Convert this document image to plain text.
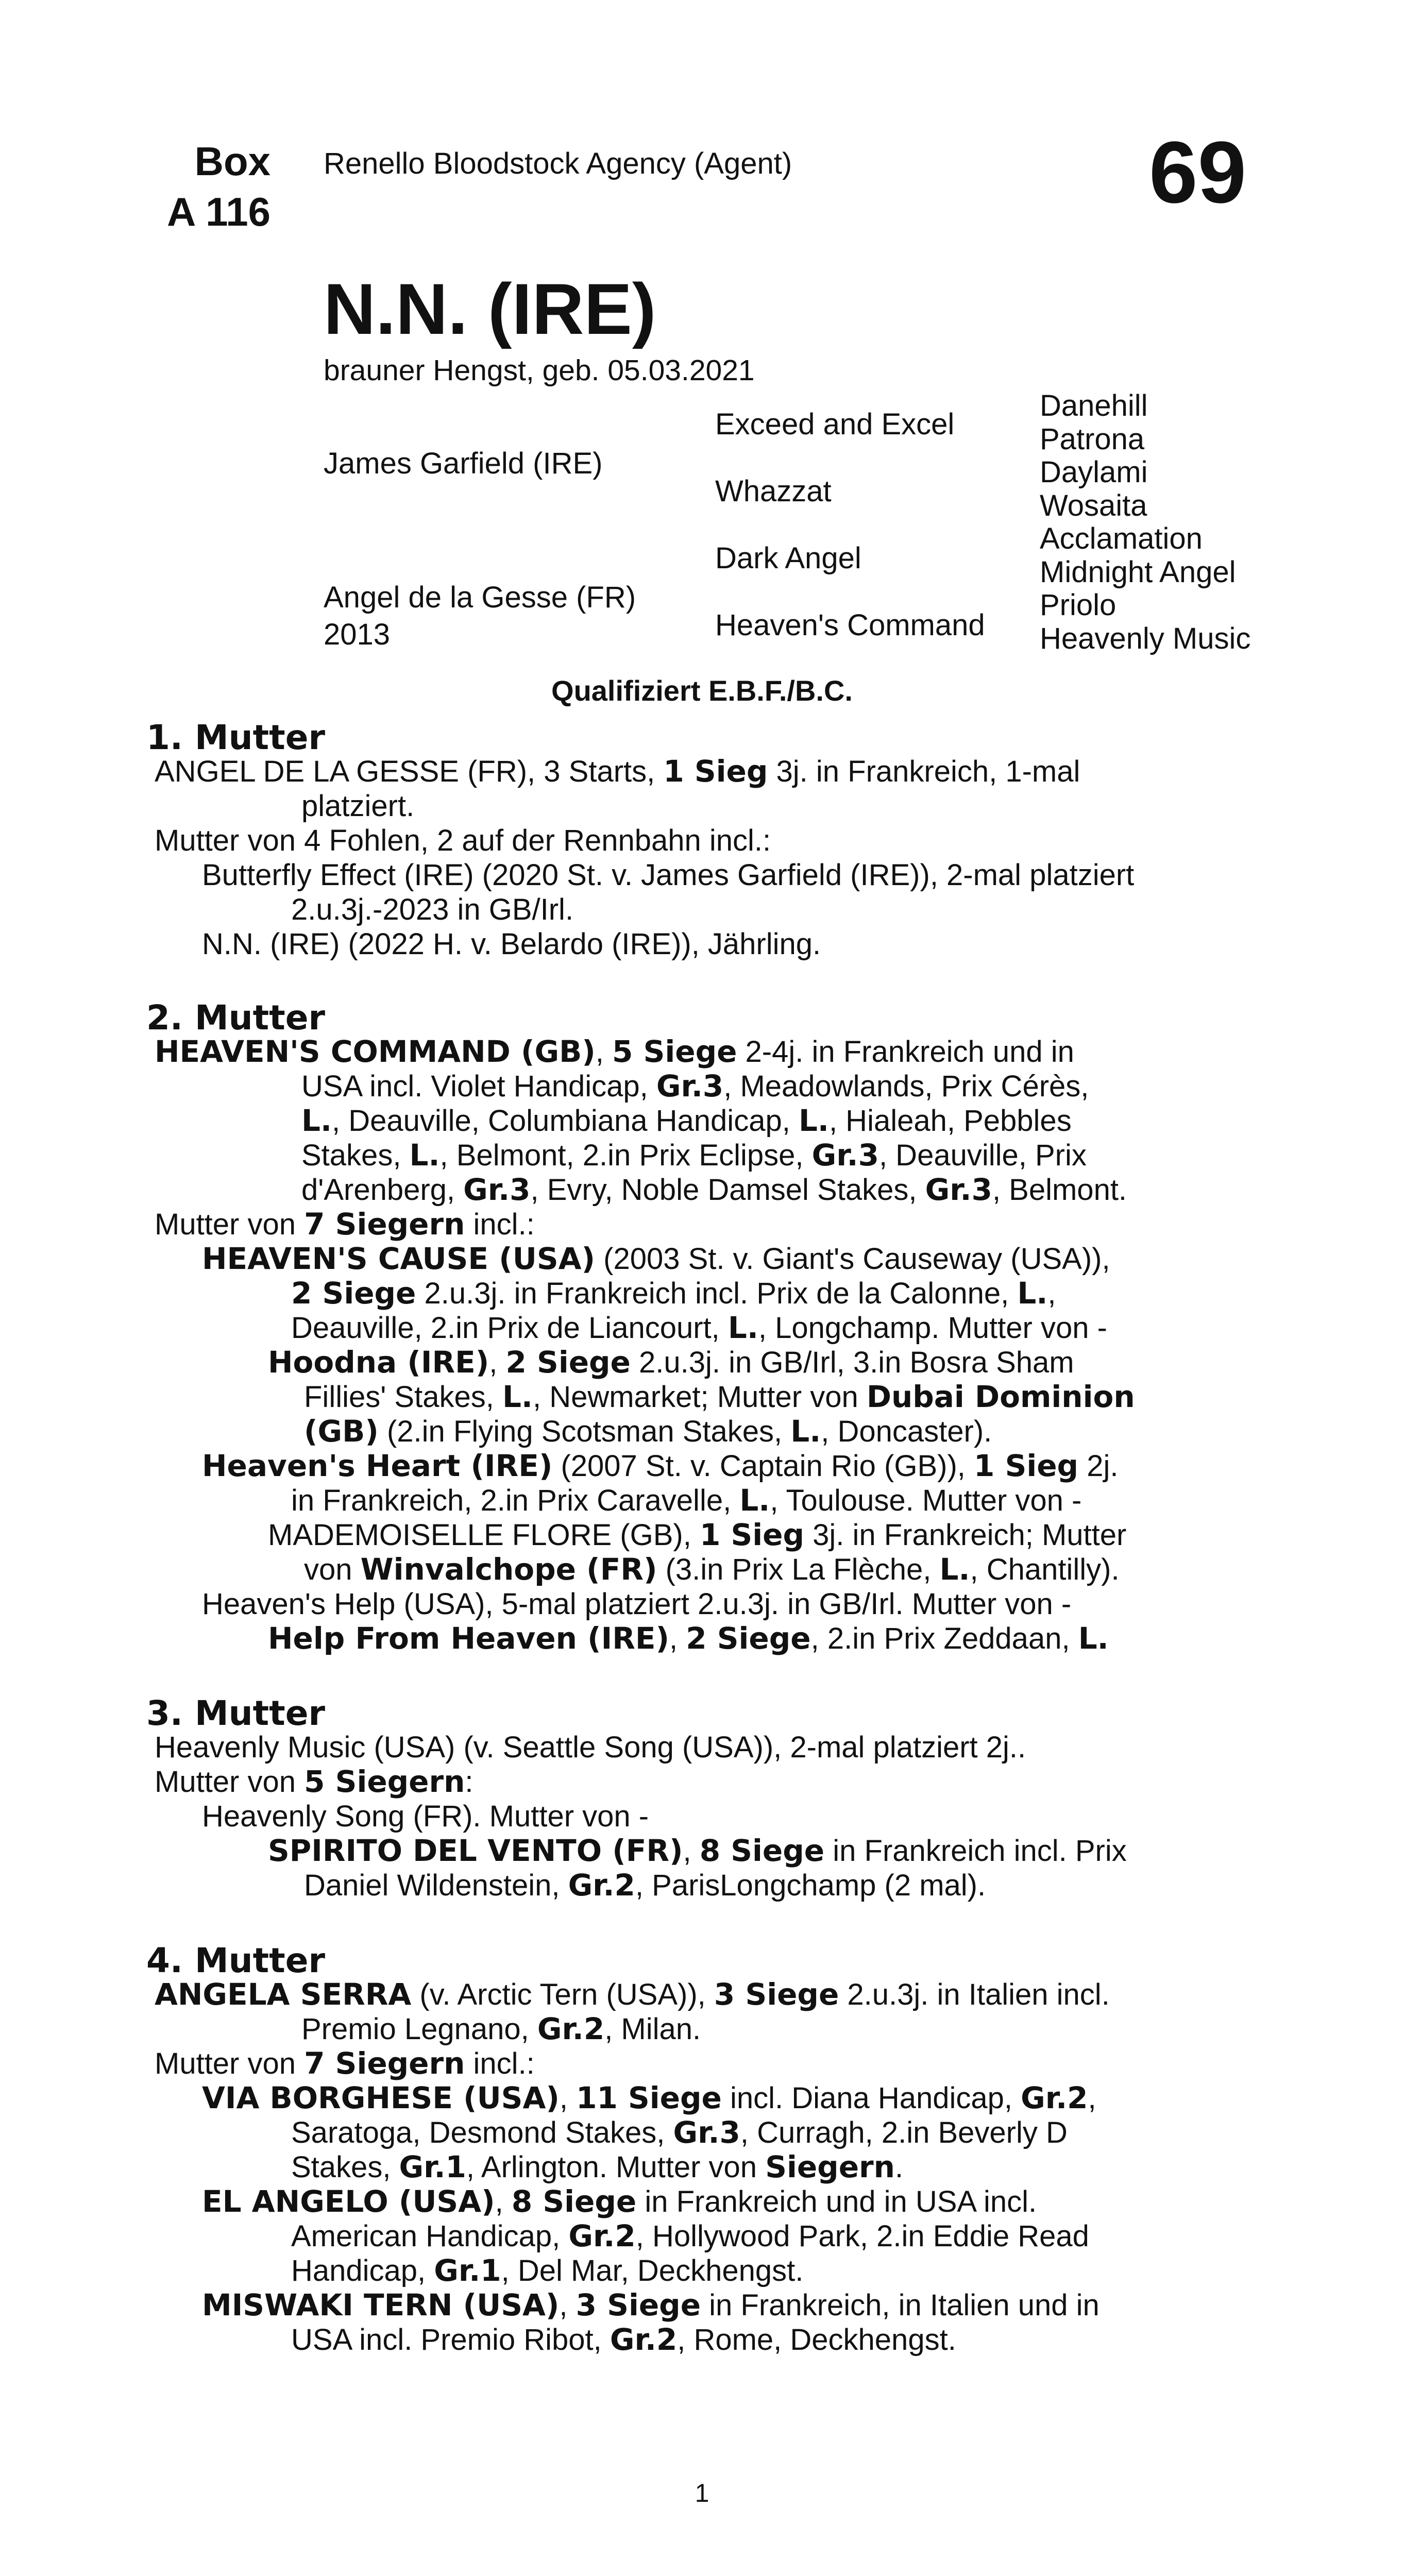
Box
A 116
Renello Bloodstock Agency (Agent)	69
N.N. (IRE)
brauner Hengst, geb. 05.03.2021
James Garfield (IRE)
Angel de la Gesse (FR)
2013
Exceed and Excel
Whazzat
Dark Angel
Heaven's Command
Danehill
Patrona
Daylami
Wosaita
Acclamation
Midnight Angel
Priolo
Heavenly Music
Qualifiziert E.B.F./B.C.
1. Mutter
ANGEL DE LA GESSE (FR), 3 Starts, 1 Sieg 3j. in Frankreich, 1-mal
platziert.
Mutter von 4 Fohlen, 2 auf der Rennbahn incl.:
Butterfly Effect (IRE) (2020 St. v. James Garfield (IRE)), 2-mal platziert
2.u.3j.-2023 in GB/Irl.
N.N. (IRE) (2022 H. v. Belardo (IRE)), Jährling.
2. Mutter
HEAVEN'S COMMAND (GB), 5 Siege 2-4j. in Frankreich und in
USA incl. Violet Handicap, Gr.3, Meadowlands, Prix Cérès,
L., Deauville, Columbiana Handicap, L., Hialeah, Pebbles
Stakes, L., Belmont, 2.in Prix Eclipse, Gr.3, Deauville, Prix
d'Arenberg, Gr.3, Evry, Noble Damsel Stakes, Gr.3, Belmont.
Mutter von 7 Siegern incl.:
HEAVEN'S CAUSE (USA) (2003 St. v. Giant's Causeway (USA)),
2 Siege 2.u.3j. in Frankreich incl. Prix de la Calonne, L.,
Deauville, 2.in Prix de Liancourt, L., Longchamp. Mutter von -
Hoodna (IRE), 2 Siege 2.u.3j. in GB/Irl, 3.in Bosra Sham
Fillies' Stakes, L., Newmarket; Mutter von Dubai Dominion
(GB) (2.in Flying Scotsman Stakes, L., Doncaster).
Heaven's Heart (IRE) (2007 St. v. Captain Rio (GB)), 1 Sieg 2j.
in Frankreich, 2.in Prix Caravelle, L., Toulouse. Mutter von -
MADEMOISELLE FLORE (GB), 1 Sieg 3j. in Frankreich; Mutter
von Winvalchope (FR) (3.in Prix La Flèche, L., Chantilly).
Heaven's Help (USA), 5-mal platziert 2.u.3j. in GB/Irl. Mutter von -
Help From Heaven (IRE), 2 Siege, 2.in Prix Zeddaan, L.
3. Mutter
Heavenly Music (USA) (v. Seattle Song (USA)), 2-mal platziert 2j..
Mutter von 5 Siegern:
Heavenly Song (FR). Mutter von -
SPIRITO DEL VENTO (FR), 8 Siege in Frankreich incl. Prix
Daniel Wildenstein, Gr.2, ParisLongchamp (2 mal).
4. Mutter
ANGELA SERRA (v. Arctic Tern (USA)), 3 Siege 2.u.3j. in Italien incl.
Premio Legnano, Gr.2, Milan.
Mutter von 7 Siegern incl.:
VIA BORGHESE (USA), 11 Siege incl. Diana Handicap, Gr.2,
Saratoga, Desmond Stakes, Gr.3, Curragh, 2.in Beverly D
Stakes, Gr.1, Arlington. Mutter von Siegern.
EL ANGELO (USA), 8 Siege in Frankreich und in USA incl.
American Handicap, Gr.2, Hollywood Park, 2.in Eddie Read
Handicap, Gr.1, Del Mar, Deckhengst.
MISWAKI TERN (USA), 3 Siege in Frankreich, in Italien und in
USA incl. Premio Ribot, Gr.2, Rome, Deckhengst.
1
